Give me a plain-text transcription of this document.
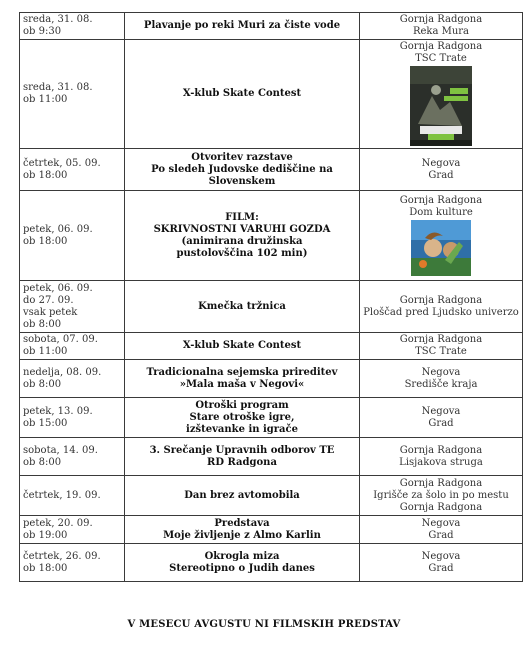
sreda, 31. 08.
ob 9:30	Plavanje po reki Muri za čiste vode	Gornja Radgona
Reka Mura

sreda, 31. 08.
ob 11:00	X-klub Skate Contest	Gornja Radgona
TSC Trate

četrtek, 05. 09.
ob 18:00	Otvoritev razstave
Po sledeh Judovske dediščine na
Slovenskem	Negova
Grad

petek, 06. 09.
ob 18:00	FILM:
SKRIVNOSTNI VARUHI GOZDA
(animirana družinska
pustolovščina 102 min)	Gornja Radgona
Dom kulture

petek, 06. 09.
do 27. 09.
vsak petek
ob 8:00	Kmečka tržnica	Gornja Radgona
Ploščad pred Ljudsko univerzo

sobota, 07. 09.
ob 11:00	X-klub Skate Contest	Gornja Radgona
TSC Trate

nedelja, 08. 09.
ob 8:00	Tradicionalna sejemska prireditev
»Mala maša v Negovi«	Negova
Središče kraja

petek, 13. 09.
ob 15:00	Otroški program
Stare otroške igre,
izštevanke in igrače	Negova
Grad

sobota, 14. 09.
ob 8:00	3. Srečanje Upravnih odborov TE
RD Radgona	Gornja Radgona
Lisjakova struga

četrtek, 19. 09.	Dan brez avtomobila	Gornja Radgona
Igrišče za šolo in po mestu
Gornja Radgona

petek, 20. 09.
ob 19:00	Predstava
Moje življenje z Almo Karlin	Negova
Grad

četrtek, 26. 09.
ob 18:00	Okrogla miza
Stereotipno o Judih danes	Negova
Grad
V MESECU AVGUSTU NI FILMSKIH PREDSTAV
